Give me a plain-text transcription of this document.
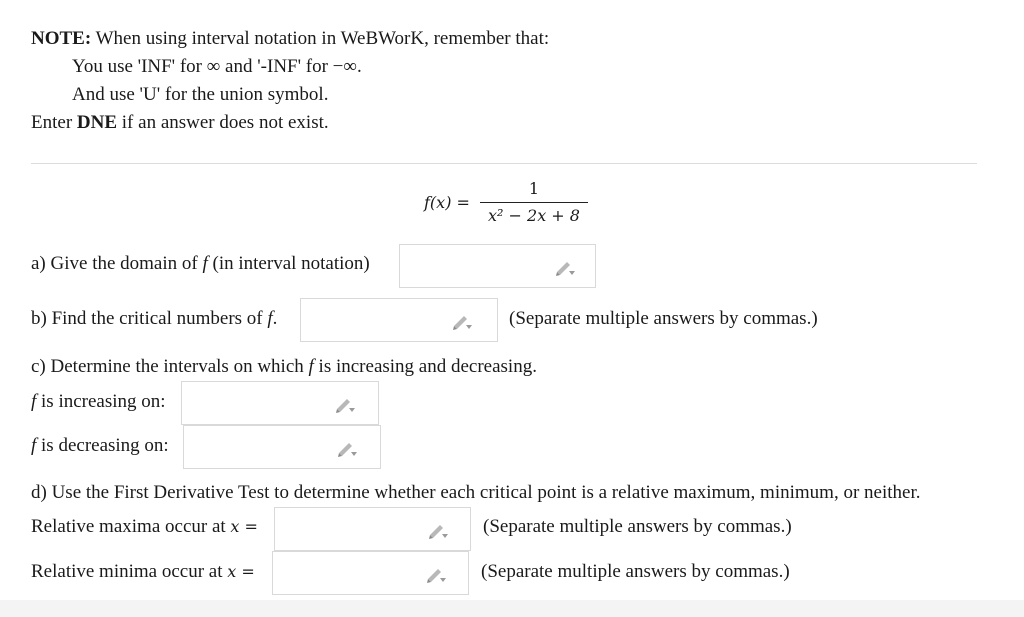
NOTE: When using interval notation in WeBWorK, remember that:
You use 'INF' for ∞ and '-INF' for −∞.
And use 'U' for the union symbol.
Enter DNE if an answer does not exist.
f(x) =
1
x² − 2x + 8
a) Give the domain of f (in interval notation)
b) Find the critical numbers of f.	(Separate multiple answers by commas.)
c) Determine the intervals on which f is increasing and decreasing.
f is increasing on:
f is decreasing on:
d) Use the First Derivative Test to determine whether each critical point is a relative maximum, minimum, or neither.
Relative maxima occur at x =	(Separate multiple answers by commas.)
Relative minima occur at x =	(Separate multiple answers by commas.)
